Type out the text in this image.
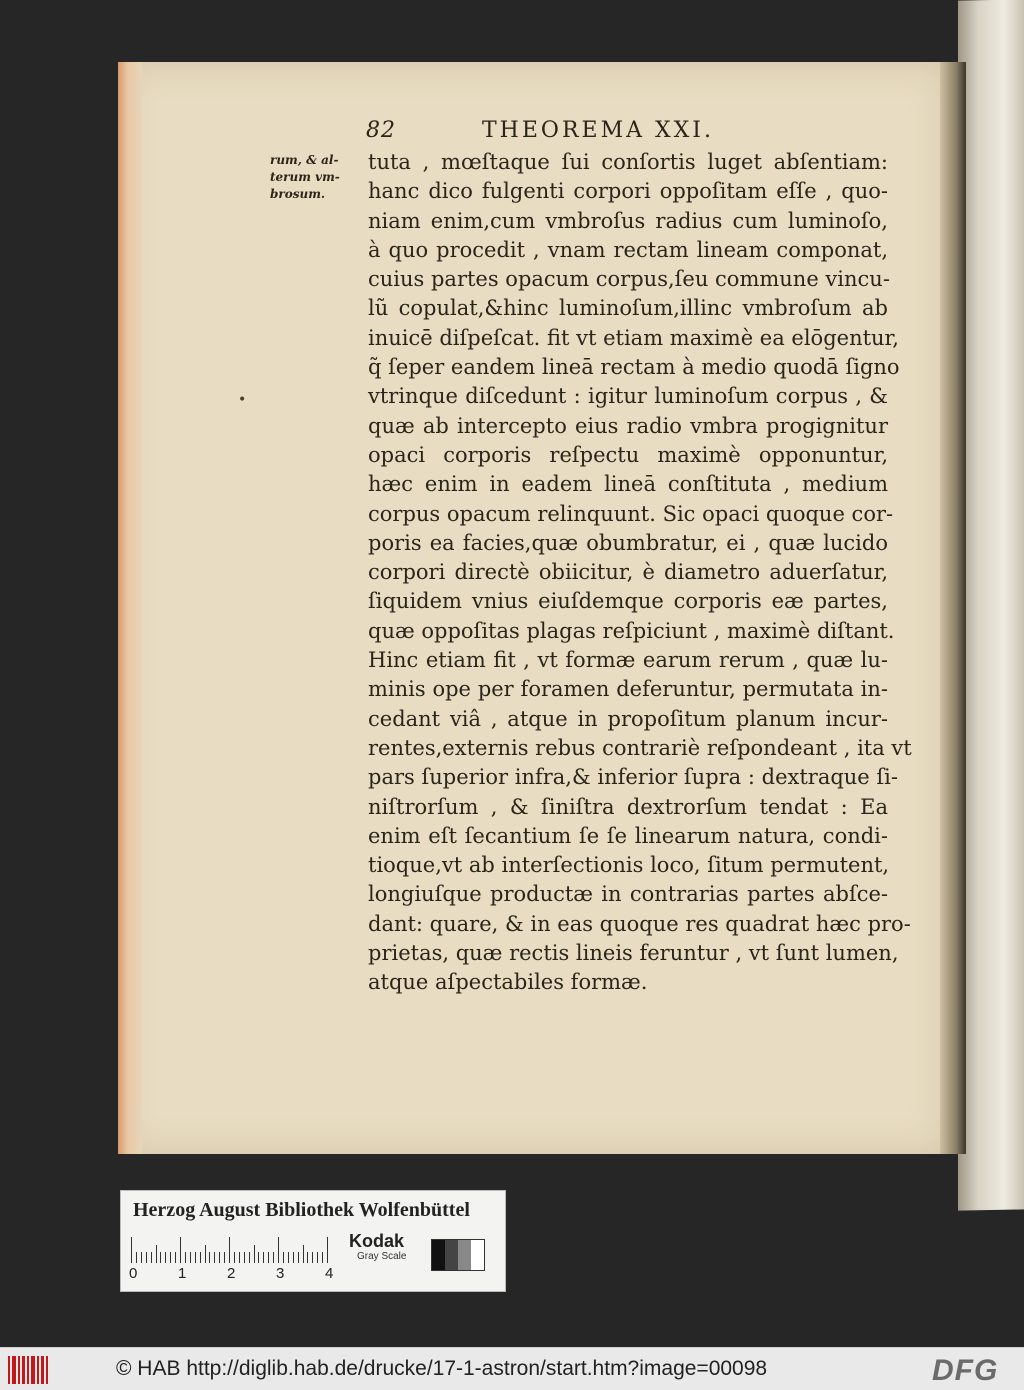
82	THEOREMA XXI.
rum, & al-
terum vm-
brosum.
•
tuta , mœſtaque ſui conſortis luget abſentiam:
hanc dico fulgenti corpori oppoſitam eſſe , quo-
niam enim,cum vmbroſus radius cum luminoſo,
à quo procedit , vnam rectam lineam componat,
cuius partes opacum corpus,ſeu commune vincu-
lũ copulat,&hinc luminoſum,illinc vmbroſum ab
inuicē diſpeſcat. fit vt etiam maximè ea elōgentur,
q̃ ſeper eandem lineā rectam à medio quodā ſigno
vtrinque diſcedunt : igitur luminoſum corpus , &
quæ ab intercepto eius radio vmbra progignitur
opaci corporis reſpectu maximè opponuntur,
hæc enim in eadem lineā conſtituta , medium
corpus opacum relinquunt. Sic opaci quoque cor-
poris ea facies,quæ obumbratur, ei , quæ lucido
corpori directè obiicitur, è diametro aduerſatur,
ſiquidem vnius eiuſdemque corporis eæ partes,
quæ oppoſitas plagas reſpiciunt , maximè diſtant.
Hinc etiam fit , vt formæ earum rerum , quæ lu-
minis ope per foramen deferuntur, permutata in-
cedant viâ , atque in propoſitum planum incur-
rentes,externis rebus contrariè reſpondeant , ita vt
pars ſuperior infra,& inferior ſupra : dextraque ſi-
niſtrorſum , & ſiniſtra dextrorſum tendat : Ea
enim eſt ſecantium ſe ſe linearum natura, condi-
tioque,vt ab interſectionis loco, ſitum permutent,
longiuſque productæ in contrarias partes abſce-
dant: quare, & in eas quoque res quadrat hæc pro-
prietas, quæ rectis lineis feruntur , vt ſunt lumen,
atque aſpectabiles formæ.
Herzog August Bibliothek Wolfenbüttel
0	1	2	3	4
Kodak
Gray Scale
© HAB http://diglib.hab.de/drucke/17-1-astron/start.htm?image=00098	DFG
